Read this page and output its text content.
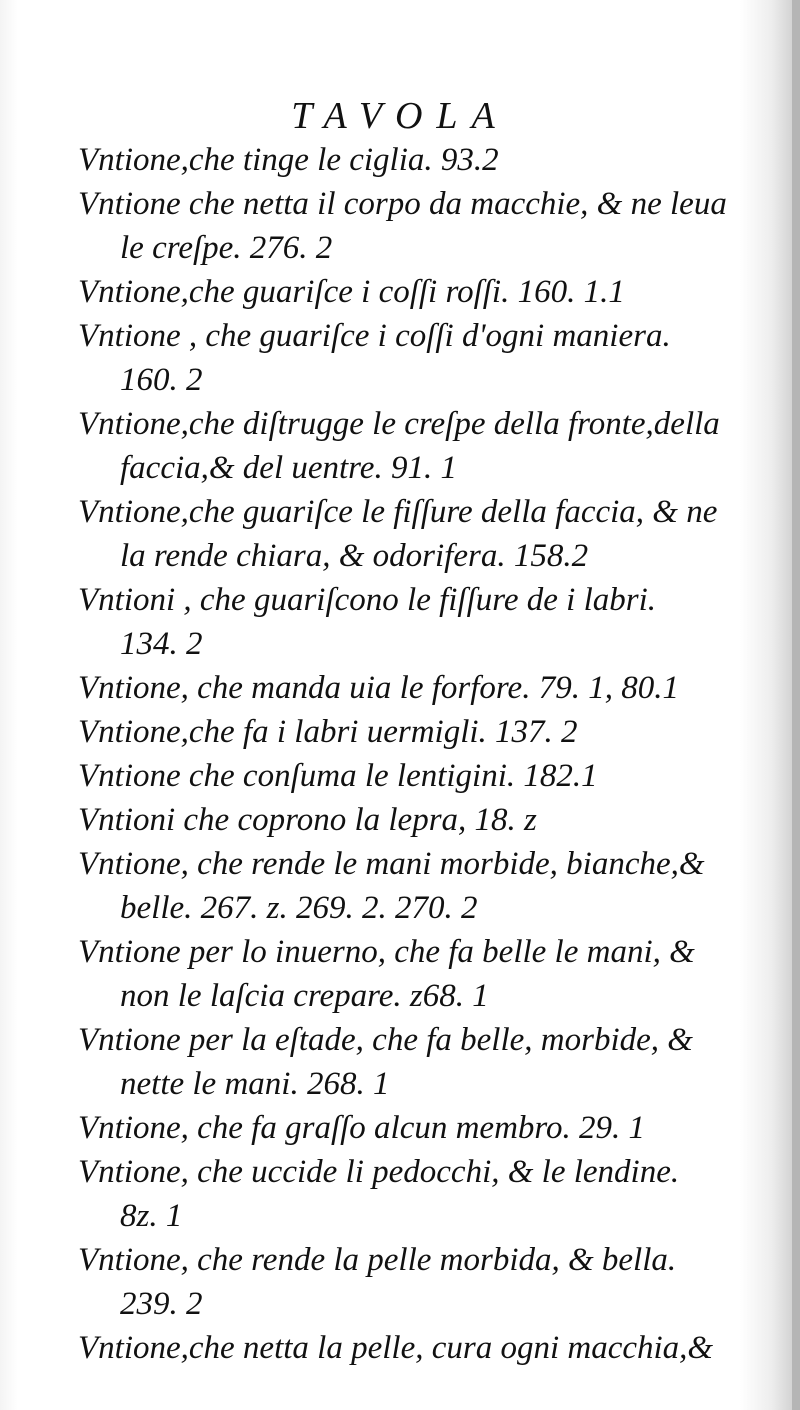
TAVOLA
Vntione,che tinge le ciglia. 93.2
Vntione che netta il corpo da macchie, & ne leua
le creſpe. 276. 2
Vntione,che guariſce i coſſi roſſi. 160. 1.1
Vntione , che guariſce i coſſi d'ogni maniera.
160. 2
Vntione,che diſtrugge le creſpe della fronte,della
faccia,& del uentre. 91. 1
Vntione,che guariſce le fiſſure della faccia, & ne
la rende chiara, & odorifera. 158.2
Vntioni , che guariſcono le fiſſure de i labri.
134. 2
Vntione, che manda uia le forfore. 79. 1, 80.1
Vntione,che fa i labri uermigli. 137. 2
Vntione che conſuma le lentigini. 182.1
Vntioni che coprono la lepra, 18. z
Vntione, che rende le mani morbide, bianche,&
belle. 267. z. 269. 2. 270. 2
Vntione per lo inuerno, che fa belle le mani, &
non le laſcia crepare. z68. 1
Vntione per la eſtade, che fa belle, morbide, &
nette le mani. 268. 1
Vntione, che fa graſſo alcun membro. 29. 1
Vntione, che uccide li pedocchi, & le lendine.
8z. 1
Vntione, che rende la pelle morbida, & bella.
239. 2
Vntione,che netta la pelle, cura ogni macchia,&
